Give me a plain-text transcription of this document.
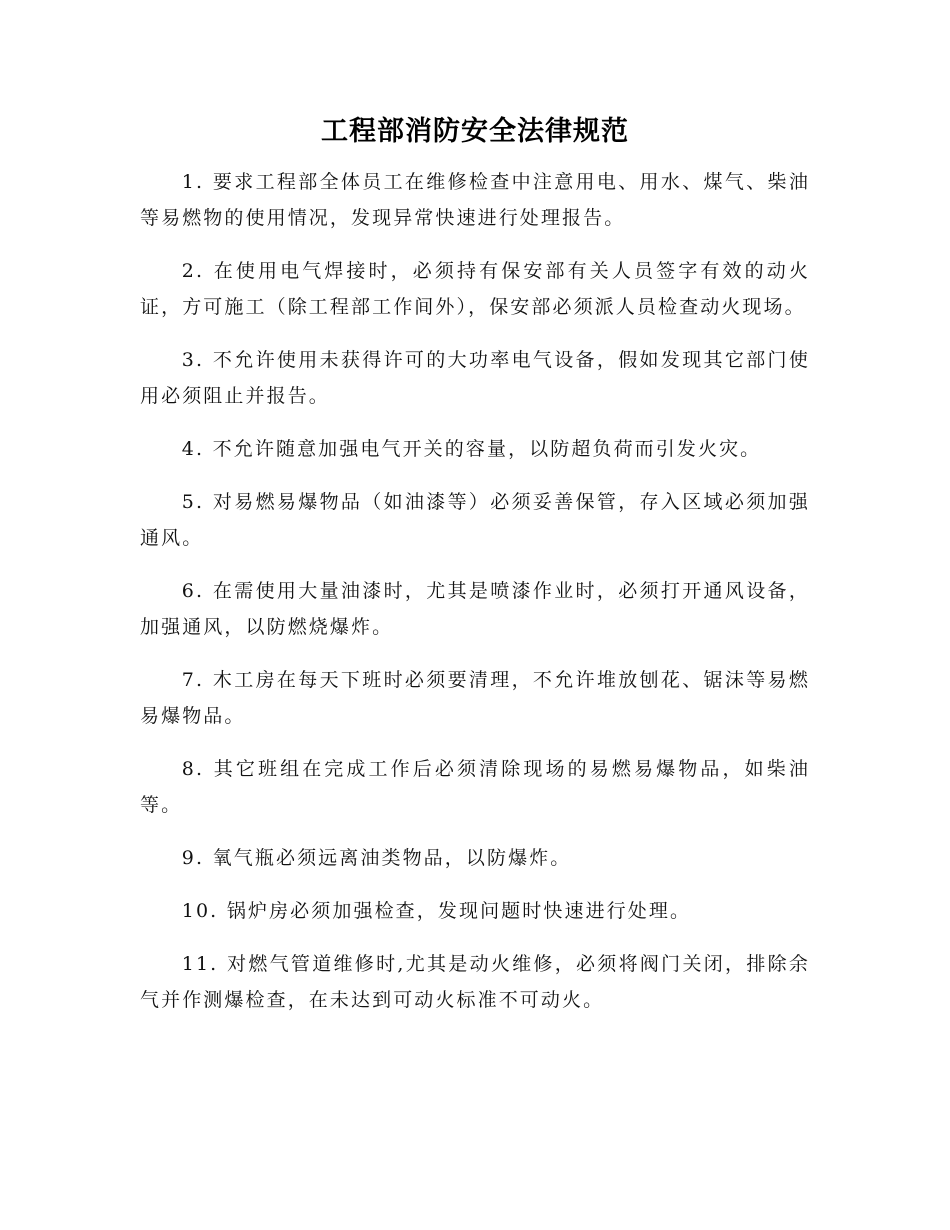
工程部消防安全法律规范

1. 要求工程部全体员工在维修检查中注意用电、用水、煤气、柴油等易燃物的使用情况，发现异常快速进行处理报告。

2. 在使用电气焊接时，必须持有保安部有关人员签字有效的动火证，方可施工（除工程部工作间外），保安部必须派人员检查动火现场。

3. 不允许使用未获得许可的大功率电气设备，假如发现其它部门使用必须阻止并报告。

4. 不允许随意加强电气开关的容量，以防超负荷而引发火灾。

5. 对易燃易爆物品（如油漆等）必须妥善保管，存入区域必须加强通风。

6. 在需使用大量油漆时，尤其是喷漆作业时，必须打开通风设备，加强通风，以防燃烧爆炸。

7. 木工房在每天下班时必须要清理，不允许堆放刨花、锯沫等易燃易爆物品。

8. 其它班组在完成工作后必须清除现场的易燃易爆物品，如柴油等。

9. 氧气瓶必须远离油类物品，以防爆炸。

10. 锅炉房必须加强检查，发现问题时快速进行处理。

11. 对燃气管道维修时,尤其是动火维修，必须将阀门关闭，排除余气并作测爆检查，在未达到可动火标准不可动火。
